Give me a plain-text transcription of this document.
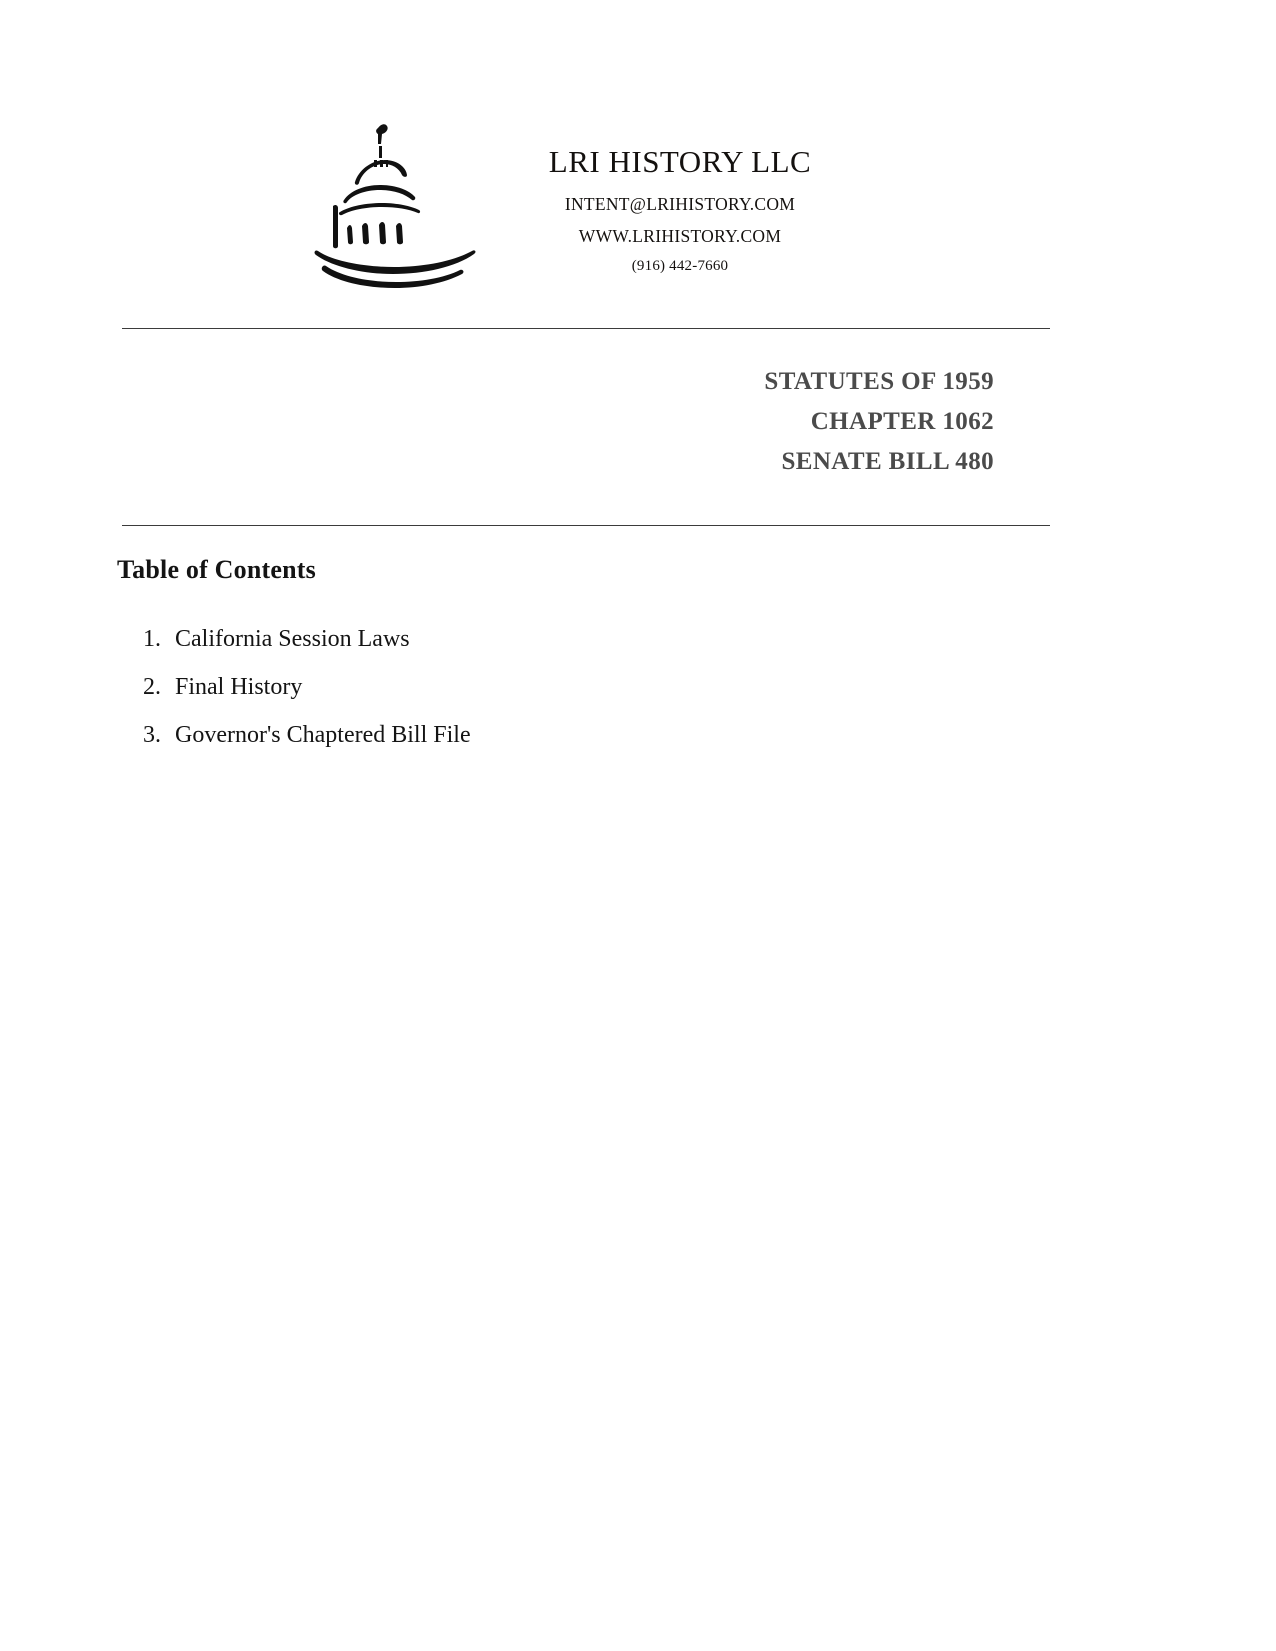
LRI HISTORY LLC
INTENT@LRIHISTORY.COM
WWW.LRIHISTORY.COM
(916) 442-7660
STATUTES OF 1959
CHAPTER 1062
SENATE BILL 480
Table of Contents
1. California Session Laws
2. Final History
3. Governor's Chaptered Bill File
